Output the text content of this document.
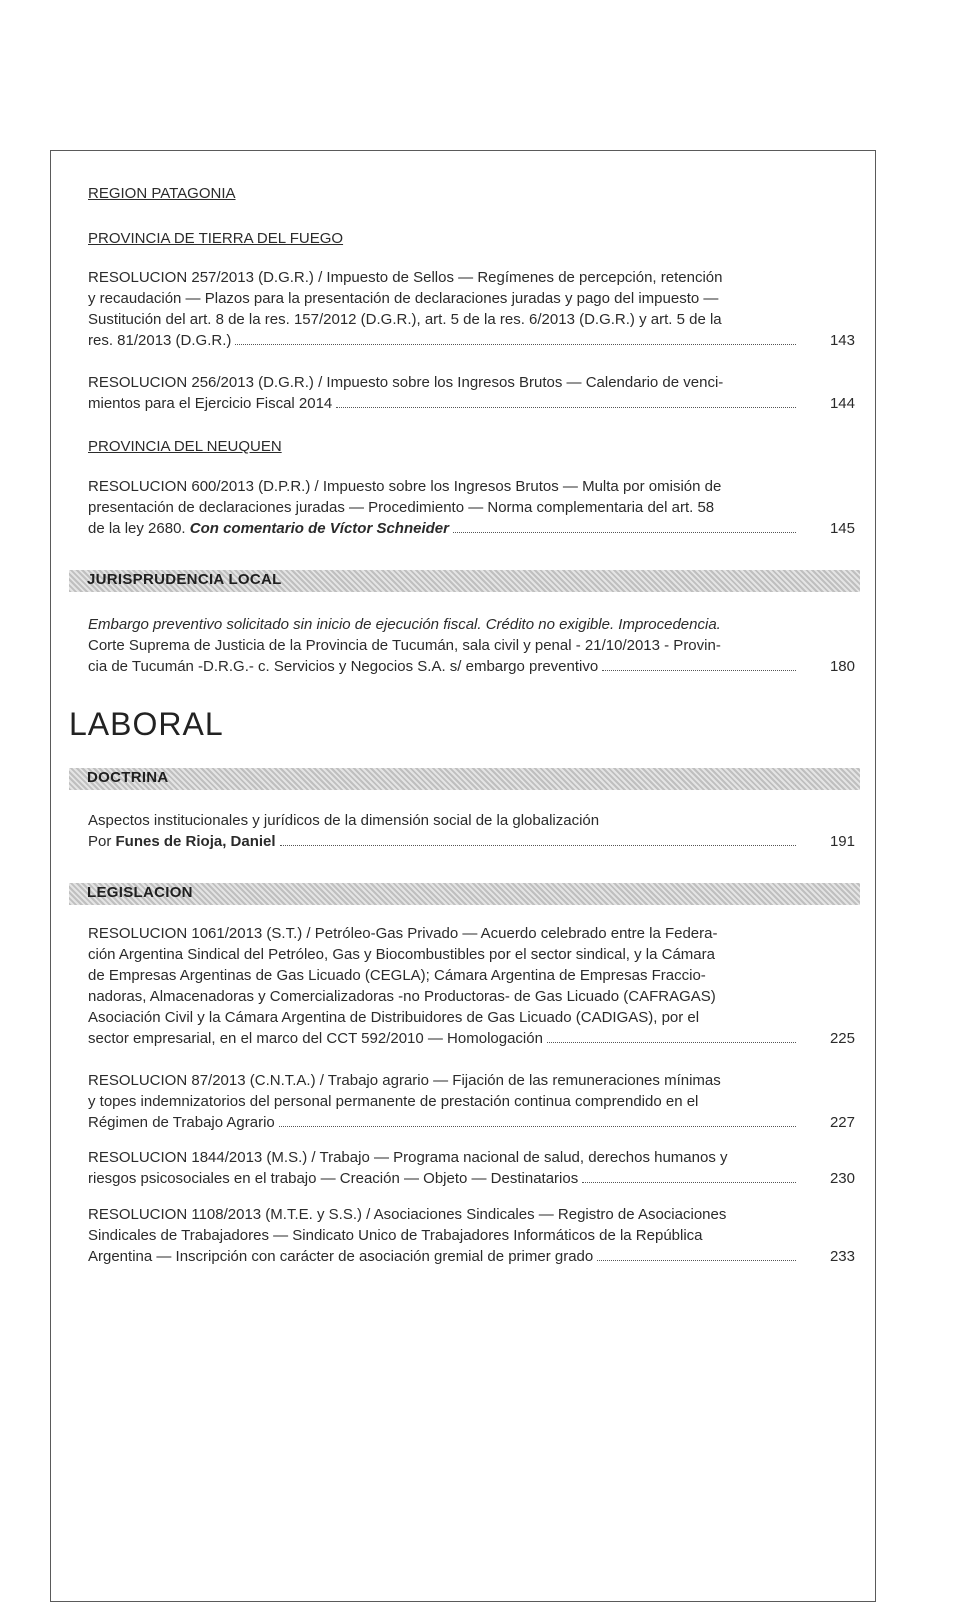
REGION PATAGONIA
PROVINCIA DE TIERRA DEL FUEGO
RESOLUCION 257/2013 (D.G.R.) / Impuesto de Sellos — Regímenes de percepción, retención
y recaudación — Plazos para la presentación de declaraciones juradas y pago del impuesto —
Sustitución del art. 8 de la res. 157/2012 (D.G.R.), art. 5 de la res. 6/2013 (D.G.R.) y art. 5 de la
res. 81/2013 (D.G.R.)	143
RESOLUCION 256/2013 (D.G.R.) / Impuesto sobre los Ingresos Brutos — Calendario de venci-
mientos para el Ejercicio Fiscal 2014	144
PROVINCIA DEL NEUQUEN
RESOLUCION 600/2013 (D.P.R.) / Impuesto sobre los Ingresos Brutos — Multa por omisión de
presentación de declaraciones juradas — Procedimiento — Norma complementaria del art. 58
de la ley 2680.
Con comentario de Víctor Schneider	145
JURISPRUDENCIA LOCAL
Embargo preventivo solicitado sin inicio de ejecución fiscal. Crédito no exigible. Improcedencia.
Corte Suprema de Justicia de la Provincia de Tucumán, sala civil y penal - 21/10/2013 - Provin-
cia de Tucumán -D.R.G.- c. Servicios y Negocios S.A. s/ embargo preventivo	180
LABORAL
DOCTRINA
Aspectos institucionales y jurídicos de la dimensión social de la globalización
Por
Funes de Rioja, Daniel	191
LEGISLACION
RESOLUCION 1061/2013 (S.T.) / Petróleo-Gas Privado — Acuerdo celebrado entre la Federa-
ción Argentina Sindical del Petróleo, Gas y Biocombustibles por el sector sindical, y la Cámara
de Empresas Argentinas de Gas Licuado (CEGLA); Cámara Argentina de Empresas Fraccio-
nadoras, Almacenadoras y Comercializadoras -no Productoras- de Gas Licuado (CAFRAGAS)
Asociación Civil y la Cámara Argentina de Distribuidores de Gas Licuado (CADIGAS), por el
sector empresarial, en el marco del CCT 592/2010 — Homologación	225
RESOLUCION 87/2013 (C.N.T.A.) / Trabajo agrario — Fijación de las remuneraciones mínimas
y topes indemnizatorios del personal permanente de prestación continua comprendido en el
Régimen de Trabajo Agrario	227
RESOLUCION 1844/2013 (M.S.) / Trabajo — Programa nacional de salud, derechos humanos y
riesgos psicosociales en el trabajo — Creación — Objeto — Destinatarios	230
RESOLUCION 1108/2013 (M.T.E. y S.S.) / Asociaciones Sindicales — Registro de Asociaciones
Sindicales de Trabajadores — Sindicato Unico de Trabajadores Informáticos de la República
Argentina — Inscripción con carácter de asociación gremial de primer grado	233
